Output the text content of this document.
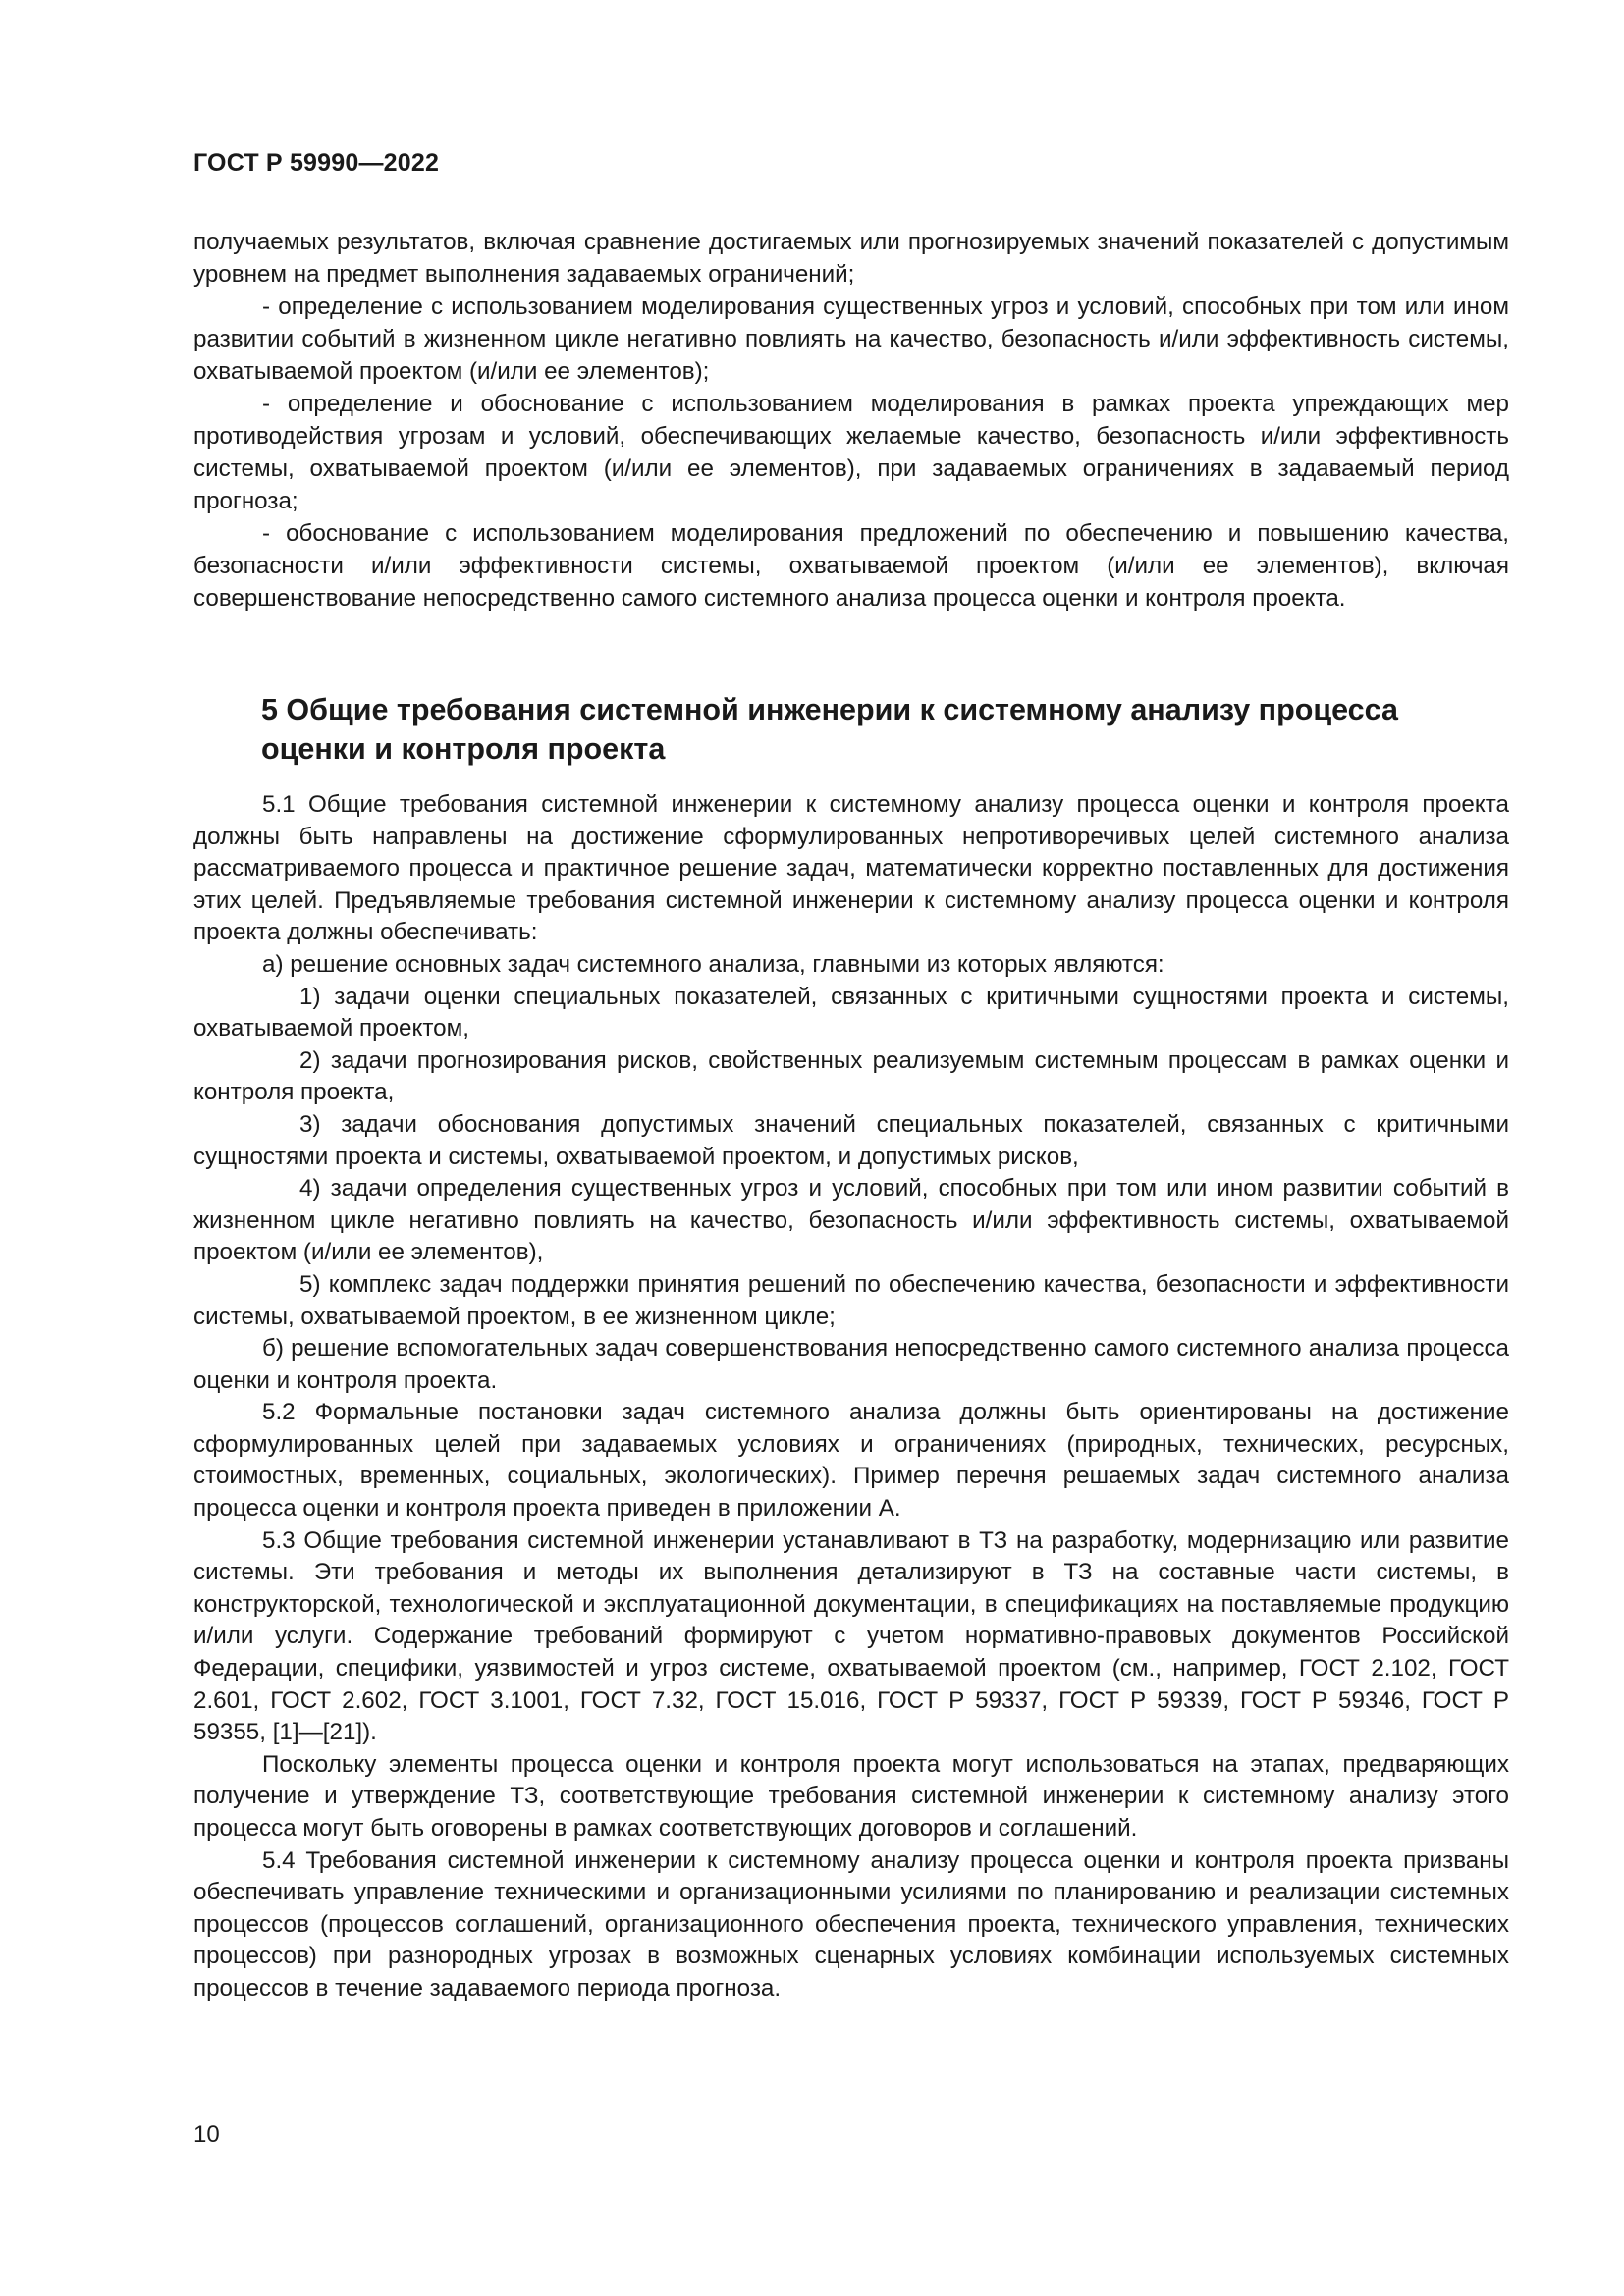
ГОСТ Р 59990—2022

получаемых результатов, включая сравнение достигаемых или прогнозируемых значений показателей с допустимым уровнем на предмет выполнения задаваемых ограничений;

- определение с использованием моделирования существенных угроз и условий, способных при том или ином развитии событий в жизненном цикле негативно повлиять на качество, безопасность и/или эффективность системы, охватываемой проектом (и/или ее элементов);

- определение и обоснование с использованием моделирования в рамках проекта упреждающих мер противодействия угрозам и условий, обеспечивающих желаемые качество, безопасность и/или эффективность системы, охватываемой проектом (и/или ее элементов), при задаваемых ограничениях в задаваемый период прогноза;

- обоснование с использованием моделирования предложений по обеспечению и повышению качества, безопасности и/или эффективности системы, охватываемой проектом (и/или ее элементов), включая совершенствование непосредственно самого системного анализа процесса оценки и контроля проекта.

5 Общие требования системной инженерии к системному анализу процесса оценки и контроля проекта

5.1 Общие требования системной инженерии к системному анализу процесса оценки и контроля проекта должны быть направлены на достижение сформулированных непротиворечивых целей системного анализа рассматриваемого процесса и практичное решение задач, математически корректно поставленных для достижения этих целей. Предъявляемые требования системной инженерии к системному анализу процесса оценки и контроля проекта должны обеспечивать:

а) решение основных задач системного анализа, главными из которых являются:

1) задачи оценки специальных показателей, связанных с критичными сущностями проекта и системы, охватываемой проектом,

2) задачи прогнозирования рисков, свойственных реализуемым системным процессам в рамках оценки и контроля проекта,

3) задачи обоснования допустимых значений специальных показателей, связанных с критичными сущностями проекта и системы, охватываемой проектом, и допустимых рисков,

4) задачи определения существенных угроз и условий, способных при том или ином развитии событий в жизненном цикле негативно повлиять на качество, безопасность и/или эффективность системы, охватываемой проектом (и/или ее элементов),

5) комплекс задач поддержки принятия решений по обеспечению качества, безопасности и эффективности системы, охватываемой проектом, в ее жизненном цикле;

б) решение вспомогательных задач совершенствования непосредственно самого системного анализа процесса оценки и контроля проекта.

5.2 Формальные постановки задач системного анализа должны быть ориентированы на достижение сформулированных целей при задаваемых условиях и ограничениях (природных, технических, ресурсных, стоимостных, временных, социальных, экологических). Пример перечня решаемых задач системного анализа процесса оценки и контроля проекта приведен в приложении А.

5.3 Общие требования системной инженерии устанавливают в ТЗ на разработку, модернизацию или развитие системы. Эти требования и методы их выполнения детализируют в ТЗ на составные части системы, в конструкторской, технологической и эксплуатационной документации, в спецификациях на поставляемые продукцию и/или услуги. Содержание требований формируют с учетом нормативно-правовых документов Российской Федерации, специфики, уязвимостей и угроз системе, охватываемой проектом (см., например, ГОСТ 2.102, ГОСТ 2.601, ГОСТ 2.602, ГОСТ 3.1001, ГОСТ 7.32, ГОСТ 15.016, ГОСТ Р 59337, ГОСТ Р 59339, ГОСТ Р 59346, ГОСТ Р 59355, [1]—[21]).

Поскольку элементы процесса оценки и контроля проекта могут использоваться на этапах, предваряющих получение и утверждение ТЗ, соответствующие требования системной инженерии к системному анализу этого процесса могут быть оговорены в рамках соответствующих договоров и соглашений.

5.4 Требования системной инженерии к системному анализу процесса оценки и контроля проекта призваны обеспечивать управление техническими и организационными усилиями по планированию и реализации системных процессов (процессов соглашений, организационного обеспечения проекта, технического управления, технических процессов) при разнородных угрозах в возможных сценарных условиях комбинации используемых системных процессов в течение задаваемого периода прогноза.

10
